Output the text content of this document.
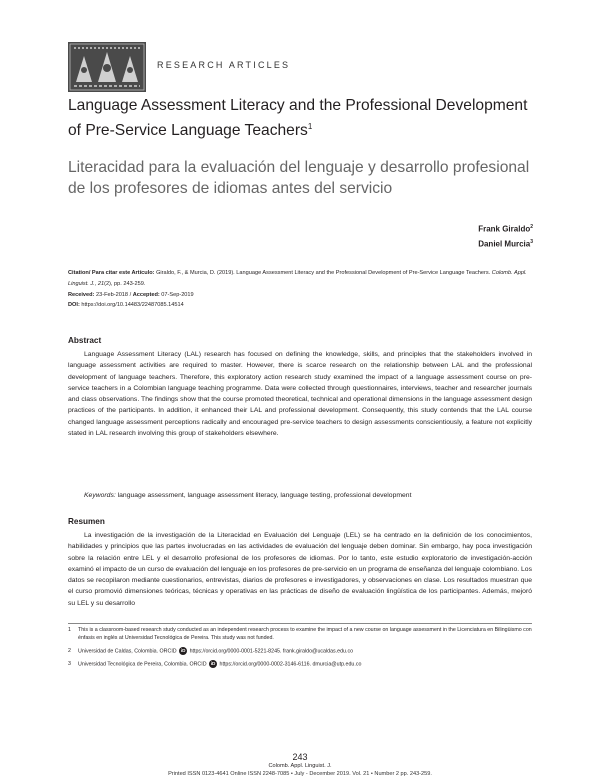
RESEARCH ARTICLES
Language Assessment Literacy and the Professional Development of Pre-Service Language Teachers$^1$
Literacidad para la evaluación del lenguaje y desarrollo profesional de los profesores de idiomas antes del servicio
Frank Giraldo$^2$
Daniel Murcia$^3$
Citation/ Para citar este Artículo: Giraldo, F., & Murcia, D. (2019). Language Assessment Literacy and the Professional Development of Pre-Service Language Teachers. Colomb. Appl. Linguist. J., 21(2), pp. 243-259.
Received: 23-Feb-2018 / Accepted: 07-Sep-2019
DOI: https://doi.org/10.14483/22487085.14514
Abstract
Language Assessment Literacy (LAL) research has focused on defining the knowledge, skills, and principles that the stakeholders involved in language assessment activities are required to master. However, there is scarce research on the relationship between LAL and the professional development of language teachers. Therefore, this exploratory action research study examined the impact of a language assessment course on pre-service teachers in a Colombian language teaching programme. Data were collected through questionnaires, interviews, teacher and researcher journals and class observations. The findings show that the course promoted theoretical, technical and operational dimensions in the language assessment design practices of the participants. In addition, it enhanced their LAL and professional development. Consequently, this study contends that the LAL course changed language assessment perceptions radically and encouraged pre-service teachers to design assessments conscientiously, a feature not explicitly stated in LAL research involving this group of stakeholders elsewhere.
Keywords: language assessment, language assessment literacy, language testing, professional development
Resumen
La investigación de la investigación de la Literacidad en Evaluación del Lenguaje (LEL) se ha centrado en la definición de los conocimientos, habilidades y principios que las partes involucradas en las actividades de evaluación del lenguaje deben dominar. Sin embargo, hay poca investigación sobre la relación entre LEL y el desarrollo profesional de los profesores de idiomas. Por lo tanto, este estudio exploratorio de investigación-acción examinó el impacto de un curso de evaluación del lenguaje en los profesores de pre-servicio en un programa de enseñanza del lenguaje colombiano. Los datos se recopilaron mediante cuestionarios, entrevistas, diarios de profesores e investigadores, y observaciones en clase. Los resultados muestran que el curso promovió dimensiones teóricas, técnicas y operativas en las prácticas de diseño de evaluación lingüística de los participantes. Además, mejoró su LEL y su desarrollo
1	This is a classroom-based research study conducted as an independent research process to examine the impact of a new course on language assessment in the Licenciatura en Bilingüismo con énfasis en inglés at Universidad Tecnológica de Pereira. This study was not funded.
2	Universidad de Caldas, Colombia. ORCID iD https://orcid.org/0000-0001-5221-8245. frank.giraldo@ucaldas.edu.co
3	Universidad Tecnológica de Pereira, Colombia. ORCID iD https://orcid.org/0000-0002-3146-6116. dmurcia@utp.edu.co
243
Colomb. Appl. Linguist. J.
Printed ISSN 0123-4641 Online ISSN 2248-7085 • July - December 2019. Vol. 21 • Number 2 pp. 243-259.
